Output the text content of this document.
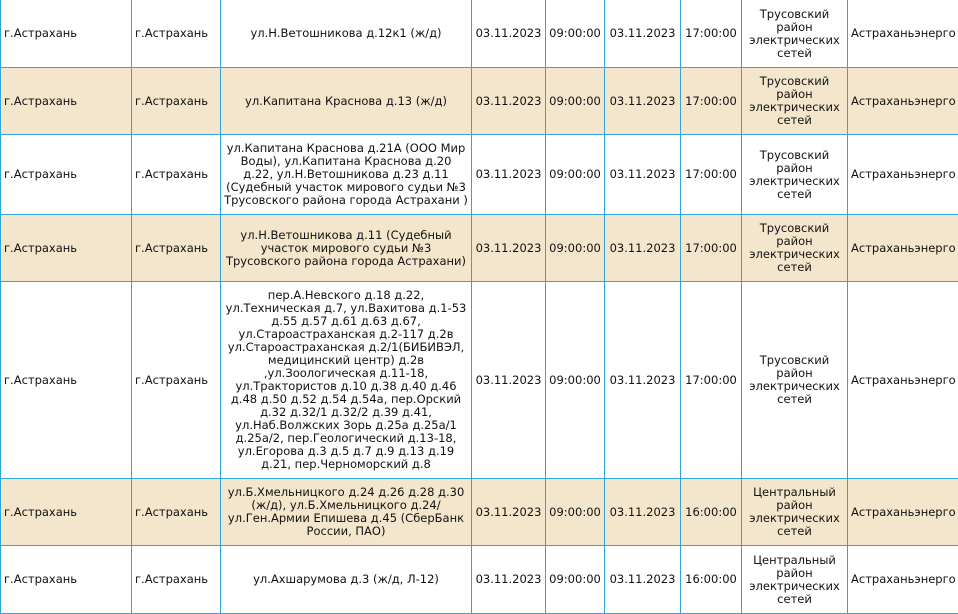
г.Астрахань	г.Астрахань	ул.Н.Ветошникова д.12к1 (ж/д)	03.11.2023	09:00:00	03.11.2023	17:00:00	Трусовский район электрических сетей	Астраханьэнерго
г.Астрахань	г.Астрахань	ул.Капитана Краснова д.13 (ж/д)	03.11.2023	09:00:00	03.11.2023	17:00:00	Трусовский район электрических сетей	Астраханьэнерго
г.Астрахань	г.Астрахань	ул.Капитана Краснова д.21А (ООО Мир Воды), ул.Капитана Краснова д.20 д.22, ул.Н.Ветошникова д.23 д.11 (Судебный участок мирового судьи №3 Трусовского района города Астрахани )	03.11.2023	09:00:00	03.11.2023	17:00:00	Трусовский район электрических сетей	Астраханьэнерго
г.Астрахань	г.Астрахань	ул.Н.Ветошникова д.11 (Судебный участок мирового судьи №3 Трусовского района города Астрахани)	03.11.2023	09:00:00	03.11.2023	17:00:00	Трусовский район электрических сетей	Астраханьэнерго
г.Астрахань	г.Астрахань	пер.А.Невского д.18 д.22, ул.Техническая д.7, ул.Вахитова д.1-53 д.55 д.57 д.61 д.63 д.67, ул.Староастраханская д.2-117 д.2в ул.Староастраханская д.2/1(БИБИВЭЛ, медицинский центр) д.2в ,ул.Зоологическая д.11-18, ул.Трактористов д.10 д.38 д.40 д.46 д.48 д.50 д.52 д.54 д.54а, пер.Орский д.32 д.32/1 д.32/2 д.39 д.41, ул.Наб.Волжских Зорь д.25а д.25а/1 д.25а/2, пер.Геологический д.13-18, ул.Егорова д.3 д.5 д.7 д.9 д.13 д.19 д.21, пер.Черноморский д.8	03.11.2023	09:00:00	03.11.2023	17:00:00	Трусовский район электрических сетей	Астраханьэнерго
г.Астрахань	г.Астрахань	ул.Б.Хмельницкого д.24 д.26 д.28 д.30 (ж/д), ул.Б.Хмельницкого д.24/ ул.Ген.Армии Епишева д.45 (СберБанк России, ПАО)	03.11.2023	09:00:00	03.11.2023	16:00:00	Центральный район электрических сетей	Астраханьэнерго
г.Астрахань	г.Астрахань	ул.Ахшарумова д.3 (ж/д, Л-12)	03.11.2023	09:00:00	03.11.2023	16:00:00	Центральный район электрических сетей	Астраханьэнерго
